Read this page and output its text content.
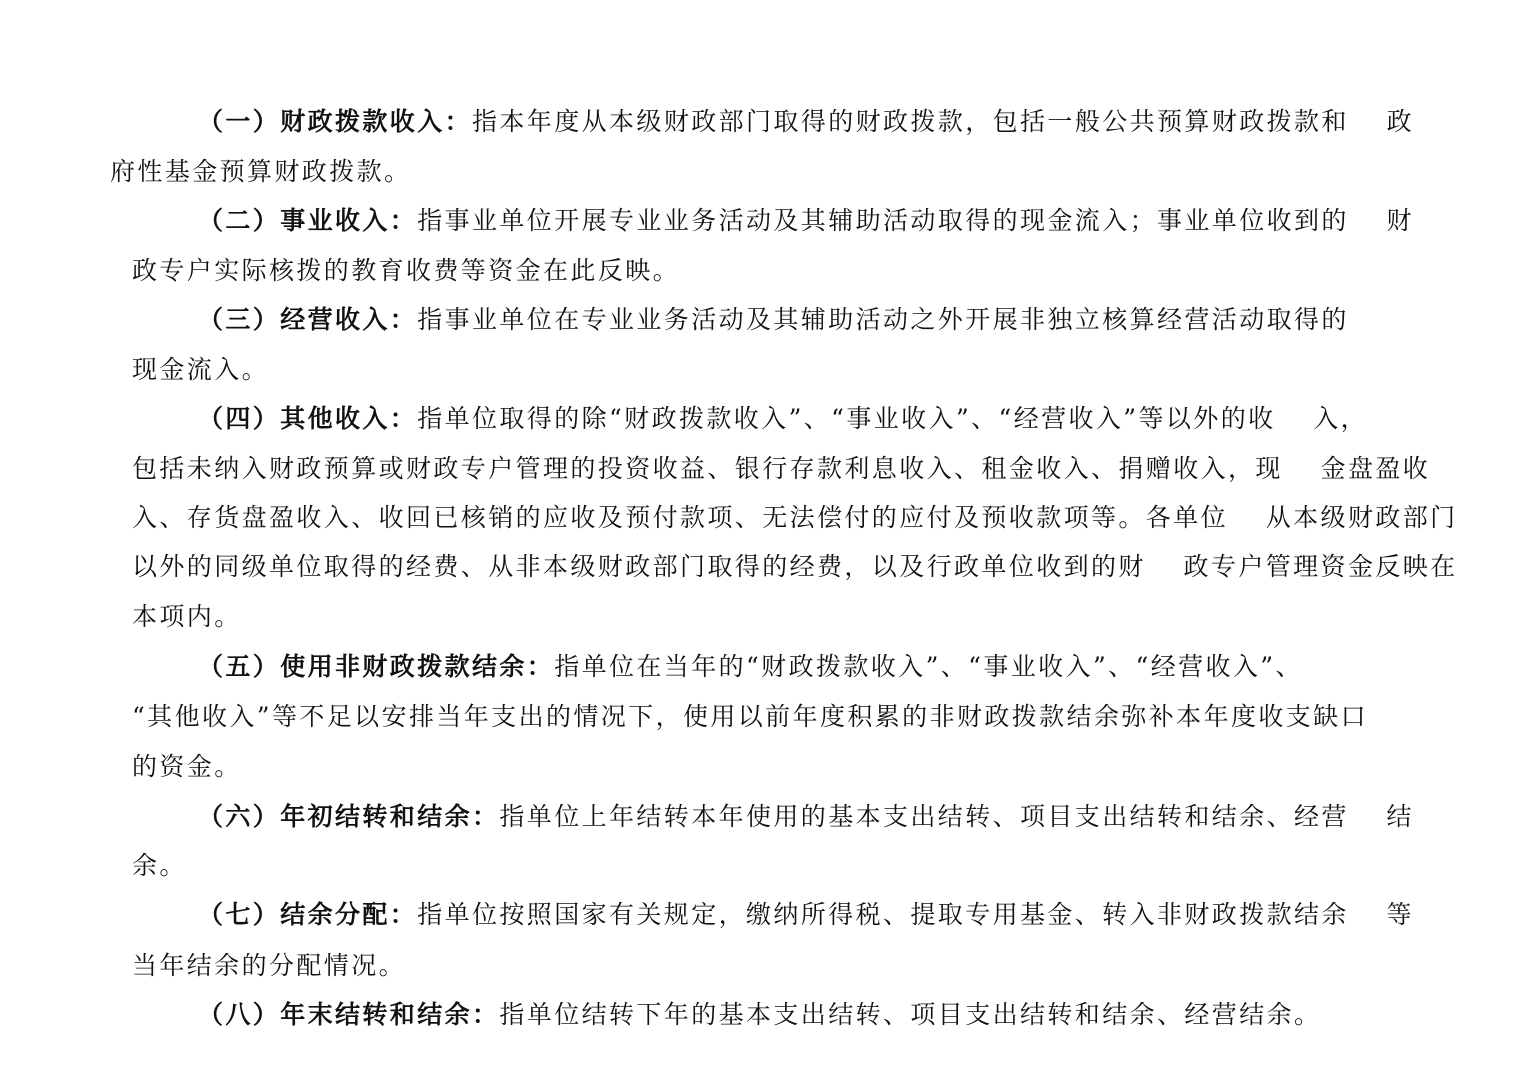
（一）财政拨款收入：指本年度从本级财政部门取得的财政拨款，包括一般公共预算财政拨款和　 政
府性基金预算财政拨款。
（二）事业收入：指事业单位开展专业业务活动及其辅助活动取得的现金流入；事业单位收到的　 财
政专户实际核拨的教育收费等资金在此反映。
（三）经营收入：指事业单位在专业业务活动及其辅助活动之外开展非独立核算经营活动取得的
现金流入。
（四）其他收入：指单位取得的除“财政拨款收入”、“事业收入”、“经营收入”等以外的收　 入，
包括未纳入财政预算或财政专户管理的投资收益、银行存款利息收入、租金收入、捐赠收入，现　 金盘盈收
入、存货盘盈收入、收回已核销的应收及预付款项、无法偿付的应付及预收款项等。各单位　 从本级财政部门
以外的同级单位取得的经费、从非本级财政部门取得的经费，以及行政单位收到的财　 政专户管理资金反映在
本项内。
（五）使用非财政拨款结余：指单位在当年的“财政拨款收入”、“事业收入”、“经营收入”、
“其他收入”等不足以安排当年支出的情况下，使用以前年度积累的非财政拨款结余弥补本年度收支缺口
的资金。
（六）年初结转和结余：指单位上年结转本年使用的基本支出结转、项目支出结转和结余、经营　 结
余。
（七）结余分配：指单位按照国家有关规定，缴纳所得税、提取专用基金、转入非财政拨款结余　 等
当年结余的分配情况。
（八）年末结转和结余：指单位结转下年的基本支出结转、项目支出结转和结余、经营结余。
